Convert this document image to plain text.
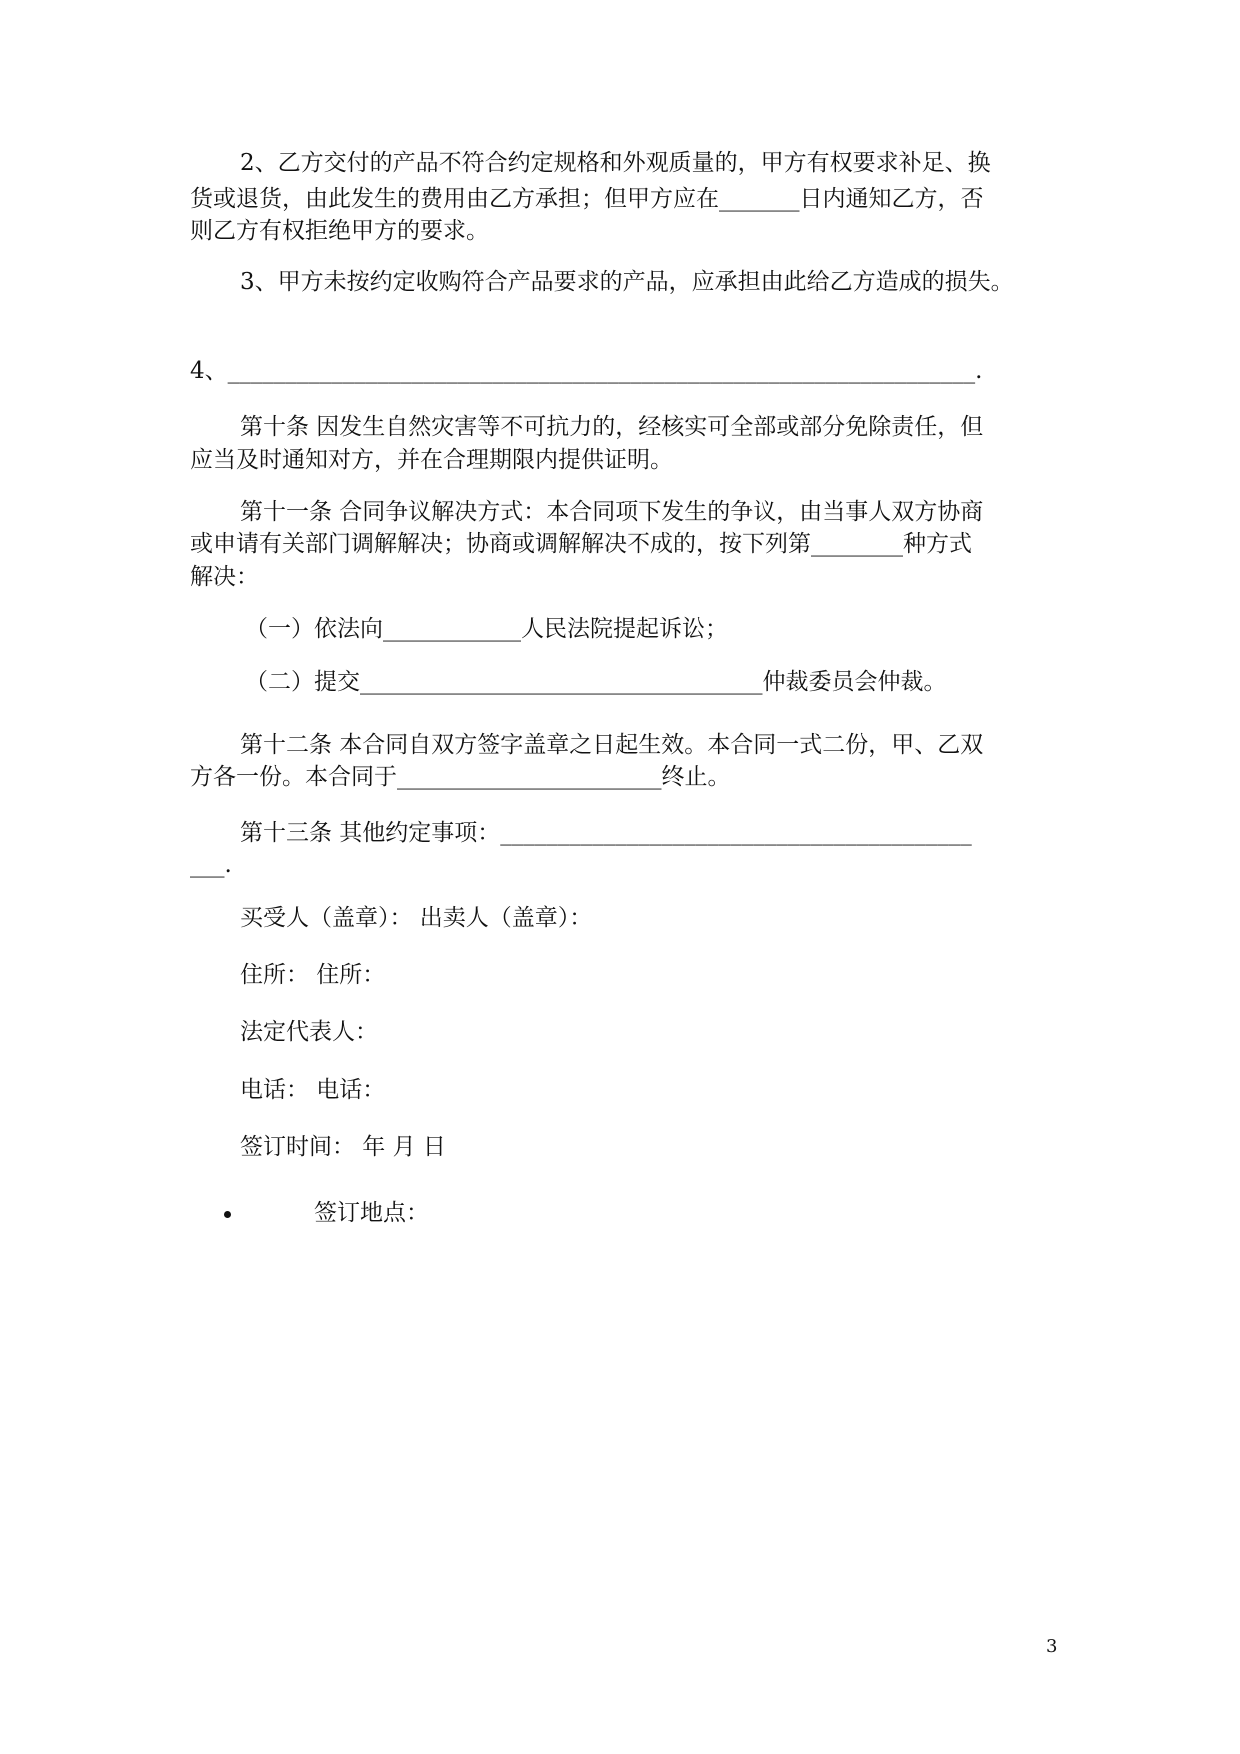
2、乙方交付的产品不符合约定规格和外观质量的，甲方有权要求补足、换

货或退货，由此发生的费用由乙方承担；但甲方应在_______日内通知乙方，否

则乙方有权拒绝甲方的要求。

3、甲方未按约定收购符合产品要求的产品，应承担由此给乙方造成的损失。

4、_________________________________________________________________.

第十条 因发生自然灾害等不可抗力的，经核实可全部或部分免除责任，但

应当及时通知对方，并在合理期限内提供证明。

第十一条 合同争议解决方式：本合同项下发生的争议，由当事人双方协商

或申请有关部门调解解决；协商或调解解决不成的，按下列第________种方式

解决：

（一）依法向____________人民法院提起诉讼；

（二）提交___________________________________仲裁委员会仲裁。

第十二条 本合同自双方签字盖章之日起生效。本合同一式二份，甲、乙双

方各一份。本合同于_______________________终止。

第十三条 其他约定事项：_________________________________________

___.

买受人（盖章）： 出卖人（盖章）：

住所： 住所：

法定代表人：

电话： 电话：

签订时间： 年 月 日

签订地点：

3
